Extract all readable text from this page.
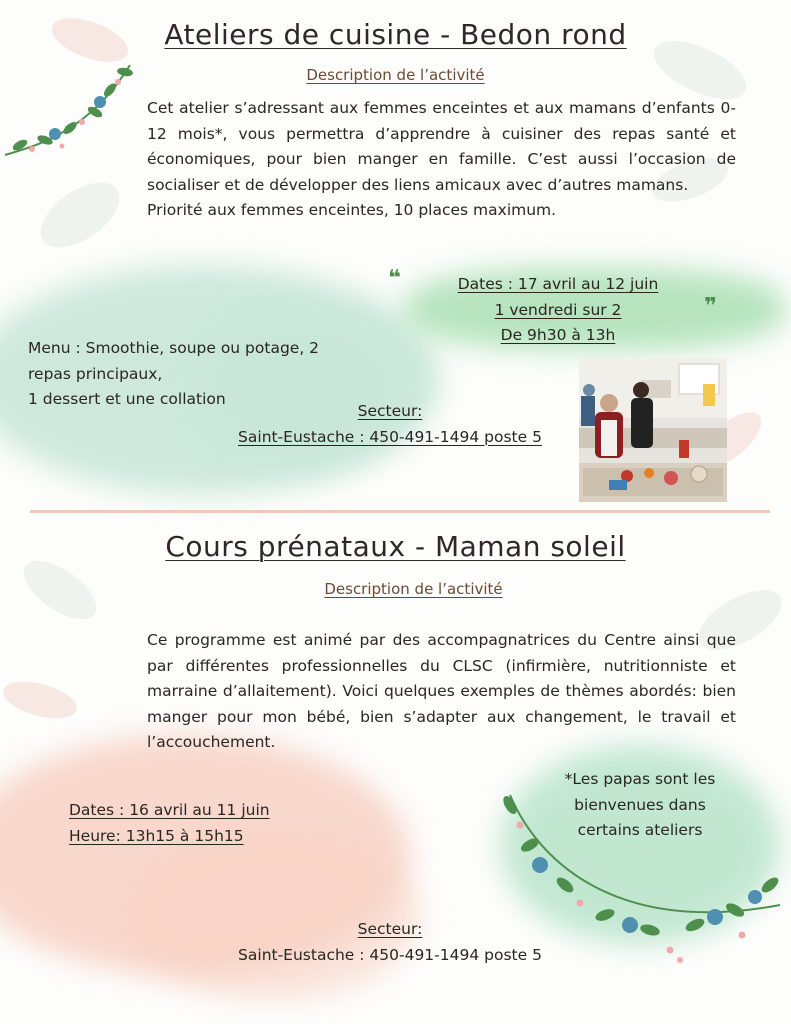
Ateliers de cuisine - Bedon rond
Description de l’activité

Cet atelier s’adressant aux femmes enceintes et aux mamans d’enfants 0-12 mois*, vous permettra d’apprendre à cuisiner des repas santé et économiques, pour bien manger en famille. C’est aussi l’occasion de socialiser et de développer des liens amicaux avec d’autres mamans.

Priorité aux femmes enceintes, 10 places maximum.

❝
❞
Dates : 17 avril au 12 juin
1 vendredi sur 2
De 9h30 à 13h
Menu : Smoothie, soupe ou potage, 2
repas principaux,
1 dessert et une collation
Secteur:
Saint-Eustache : 450-491-1494 poste 5
Cours prénataux - Maman soleil
Description de l’activité

Ce programme est animé par des accompagnatrices du Centre ainsi que par différentes professionnelles du CLSC (infirmière, nutritionniste et marraine d’allaitement). Voici quelques exemples de thèmes abordés: bien manger pour mon bébé, bien s’adapter aux changement, le travail et l’accouchement.

*Les papas sont les
bienvenues dans
certains ateliers
Dates : 16 avril au 11 juin
Heure: 13h15 à 15h15
Secteur:
Saint-Eustache : 450-491-1494 poste 5
